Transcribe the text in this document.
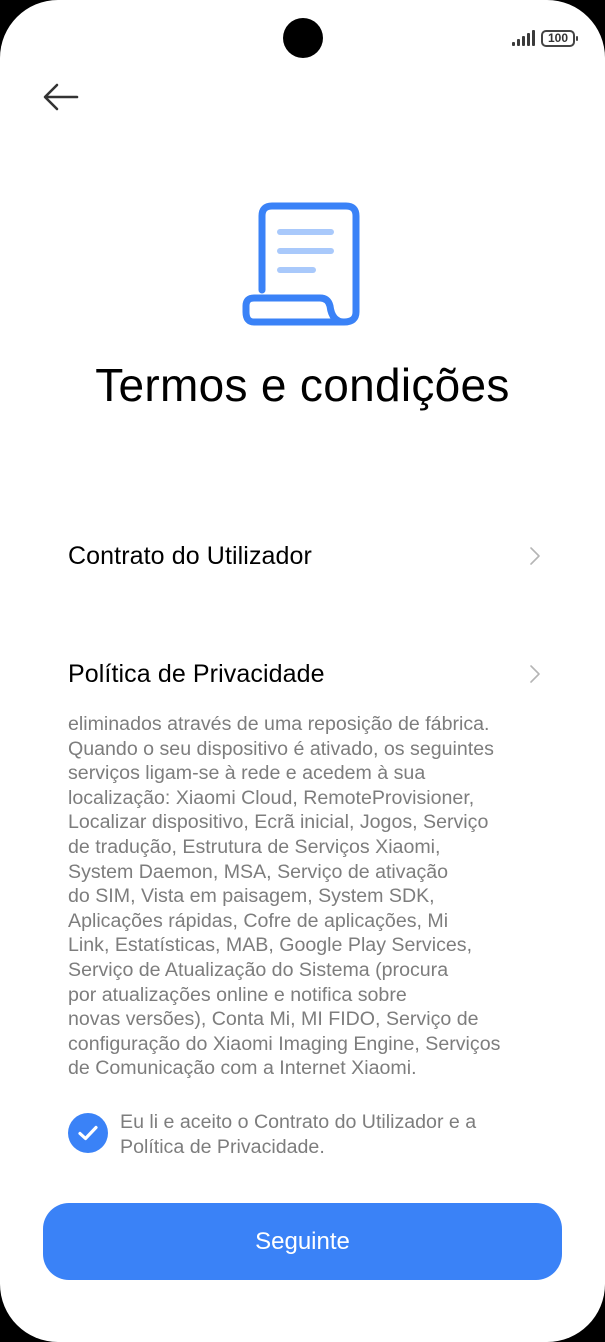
100
Termos e condições
Contrato do Utilizador
Política de Privacidade
eliminados através de uma reposição de fábrica.
Quando o seu dispositivo é ativado, os seguintes
serviços ligam-se à rede e acedem à sua
localização: Xiaomi Cloud, RemoteProvisioner,
Localizar dispositivo, Ecrã inicial, Jogos, Serviço
de tradução, Estrutura de Serviços Xiaomi,
System Daemon, MSA, Serviço de ativação
do SIM, Vista em paisagem, System SDK,
Aplicações rápidas, Cofre de aplicações, Mi
Link, Estatísticas, MAB, Google Play Services,
Serviço de Atualização do Sistema (procura
por atualizações online e notifica sobre
novas versões), Conta Mi, MI FIDO, Serviço de
configuração do Xiaomi Imaging Engine, Serviços
de Comunicação com a Internet Xiaomi.
Eu li e aceito o Contrato do Utilizador e a Política de Privacidade.
Seguinte
